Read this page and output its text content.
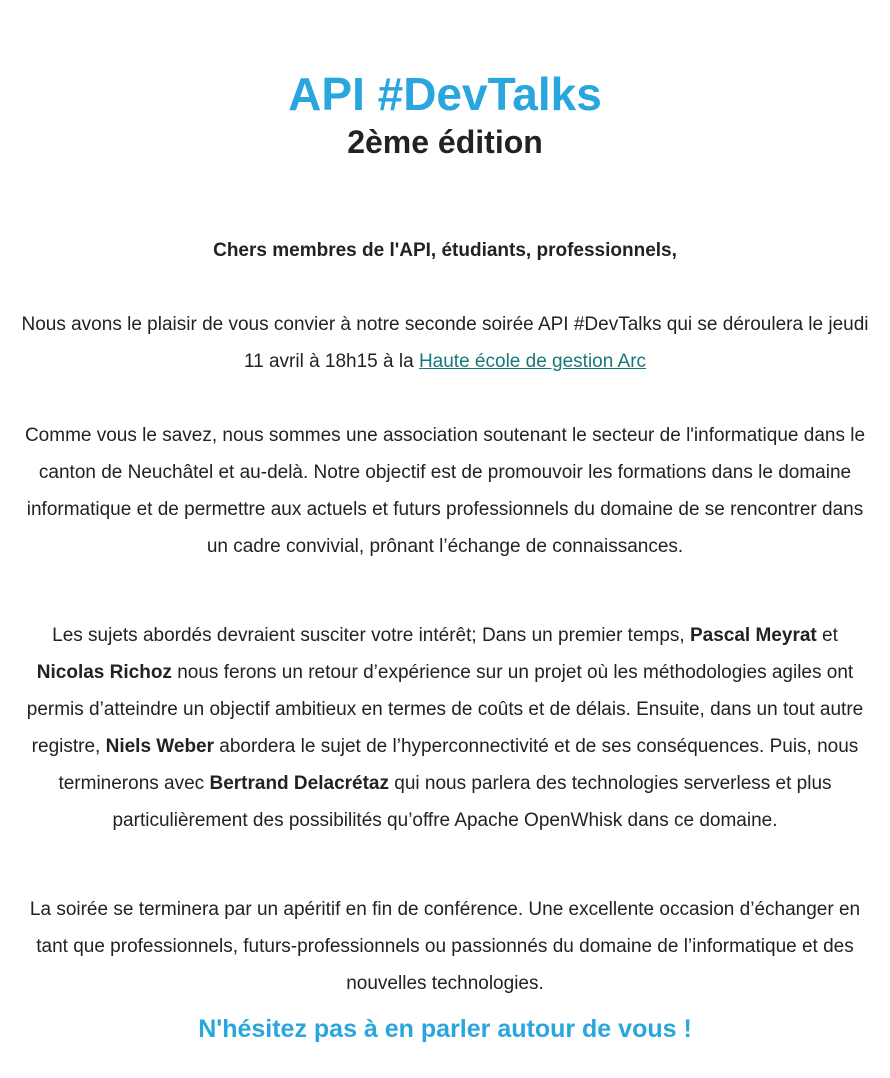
API #DevTalks
2ème édition
Chers membres de l'API, étudiants, professionnels,

Nous avons le plaisir de vous convier à notre seconde soirée API #DevTalks qui se déroulera le jeudi 11 avril à 18h15 à la Haute école de gestion Arc

Comme vous le savez, nous sommes une association soutenant le secteur de l'informatique dans le canton de Neuchâtel et au-delà. Notre objectif est de promouvoir les formations dans le domaine informatique et de permettre aux actuels et futurs professionnels du domaine de se rencontrer dans un cadre convivial, prônant l’échange de connaissances.

Les sujets abordés devraient susciter votre intérêt; Dans un premier temps, Pascal Meyrat et Nicolas Richoz nous ferons un retour d’expérience sur un projet où les méthodologies agiles ont permis d’atteindre un objectif ambitieux en termes de coûts et de délais. Ensuite, dans un tout autre registre, Niels Weber abordera le sujet de l’hyperconnectivité et de ses conséquences. Puis, nous terminerons avec Bertrand Delacrétaz qui nous parlera des technologies serverless et plus particulièrement des possibilités qu’offre Apache OpenWhisk dans ce domaine.

La soirée se terminera par un apéritif en fin de conférence. Une excellente occasion d’échanger en tant que professionnels, futurs-professionnels ou passionnés du domaine de l’informatique et des nouvelles technologies.

N'hésitez pas à en parler autour de vous !
